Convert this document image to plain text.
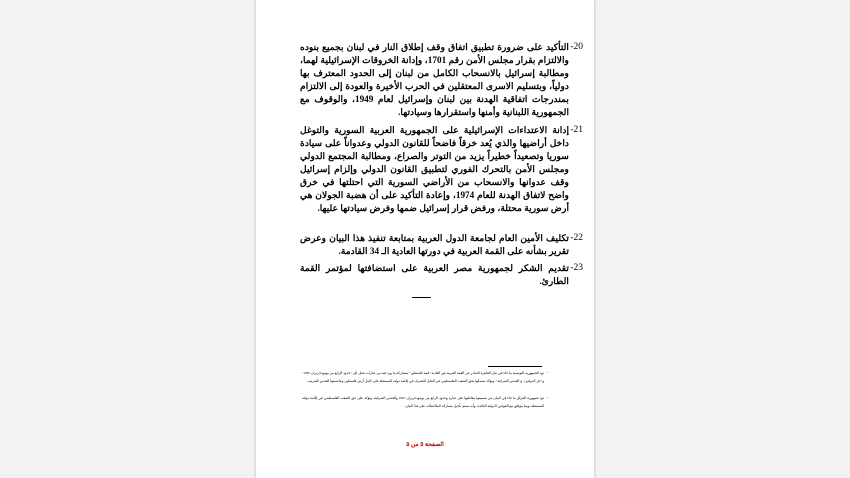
-20
التأكيد على ضرورة تطبيق اتفاق وقف إطلاق النار في لبنان بجميع بنوده والالتزام بقرار مجلس الأمن رقم 1701، وإدانة الخروقات الإسرائيلية لهما، ومطالبة إسرائيل بالانسحاب الكامل من لبنان إلى الحدود المعترف بها دولياً، وبتسليم الاسرى المعتقلين في الحرب الأخيرة والعودة إلى الالتزام بمندرجات اتفاقية الهدنة بين لبنان وإسرائيل لعام 1949، والوقوف مع الجمهورية اللبنانية وأمنها واستقرارها وسيادتها.
-21
إدانة الاعتداءات الإسرائيلية على الجمهورية العربية السورية والتوغل داخل أراضيها والذي يُعد خرقاً فاضحاً للقانون الدولي وعدواناً على سيادة سوريا وتصعيداً خطيراً يزيد من التوتر والصراع، ومطالبة المجتمع الدولي ومجلس الأمن بالتحرك الفوري لتطبيق القانون الدولي وإلزام إسرائيل وقف عدوانها والانسحاب من الأراضي السورية التي احتلتها في خرق واضح لاتفاق الهدنة للعام 1974، وإعادة التأكيد على أن هضبة الجولان هي أرض سورية محتلة، ورفض قرار إسرائيل ضمها وفرض سيادتها عليها.
-22
تكليف الأمين العام لجامعة الدول العربية بمتابعة تنفيذ هذا البيان وعرض تقرير بشأنه على القمة العربية في دورتها العادية الـ 34 القادمة.
-23
تقديم الشكر لجمهورية مصر العربية على استضافتها لمؤتمر القمة الطارئ.
-
تود الجمهورية التونسية ما جاء في بيان القاهرة الصادر عن القمة العربية غير العادية "قمة فلسطين" بمشاركة ما ورد فيه من عبارات تحيل إلى "حدود الرابع من يونيو/حزيران 1967" و"حل الدولتين" و"القدس الشرقية"، وتؤكد تمسكها بحق الشعب الفلسطيني غير القابل للتصرف في إقامة دولته المستقلة على كامل أرض فلسطين وعاصمتها القدس الشريف.
-
تود جمهورية العراق ما جاء في البيان من تسميتها بتعاطيها على عبارة وحدود الرابع من يونيو/حزيران 1967 والقدس الشرقية، وتؤكد على حق الشعب الفلسطيني في إقامة دولته المستقلة، وبما يتوافق مع القوانين الدولية النافذة، وأنه سيتم تأجيل مشاركة الملاحظات على هذا البيان.
الصفحة ٥ من ٥
